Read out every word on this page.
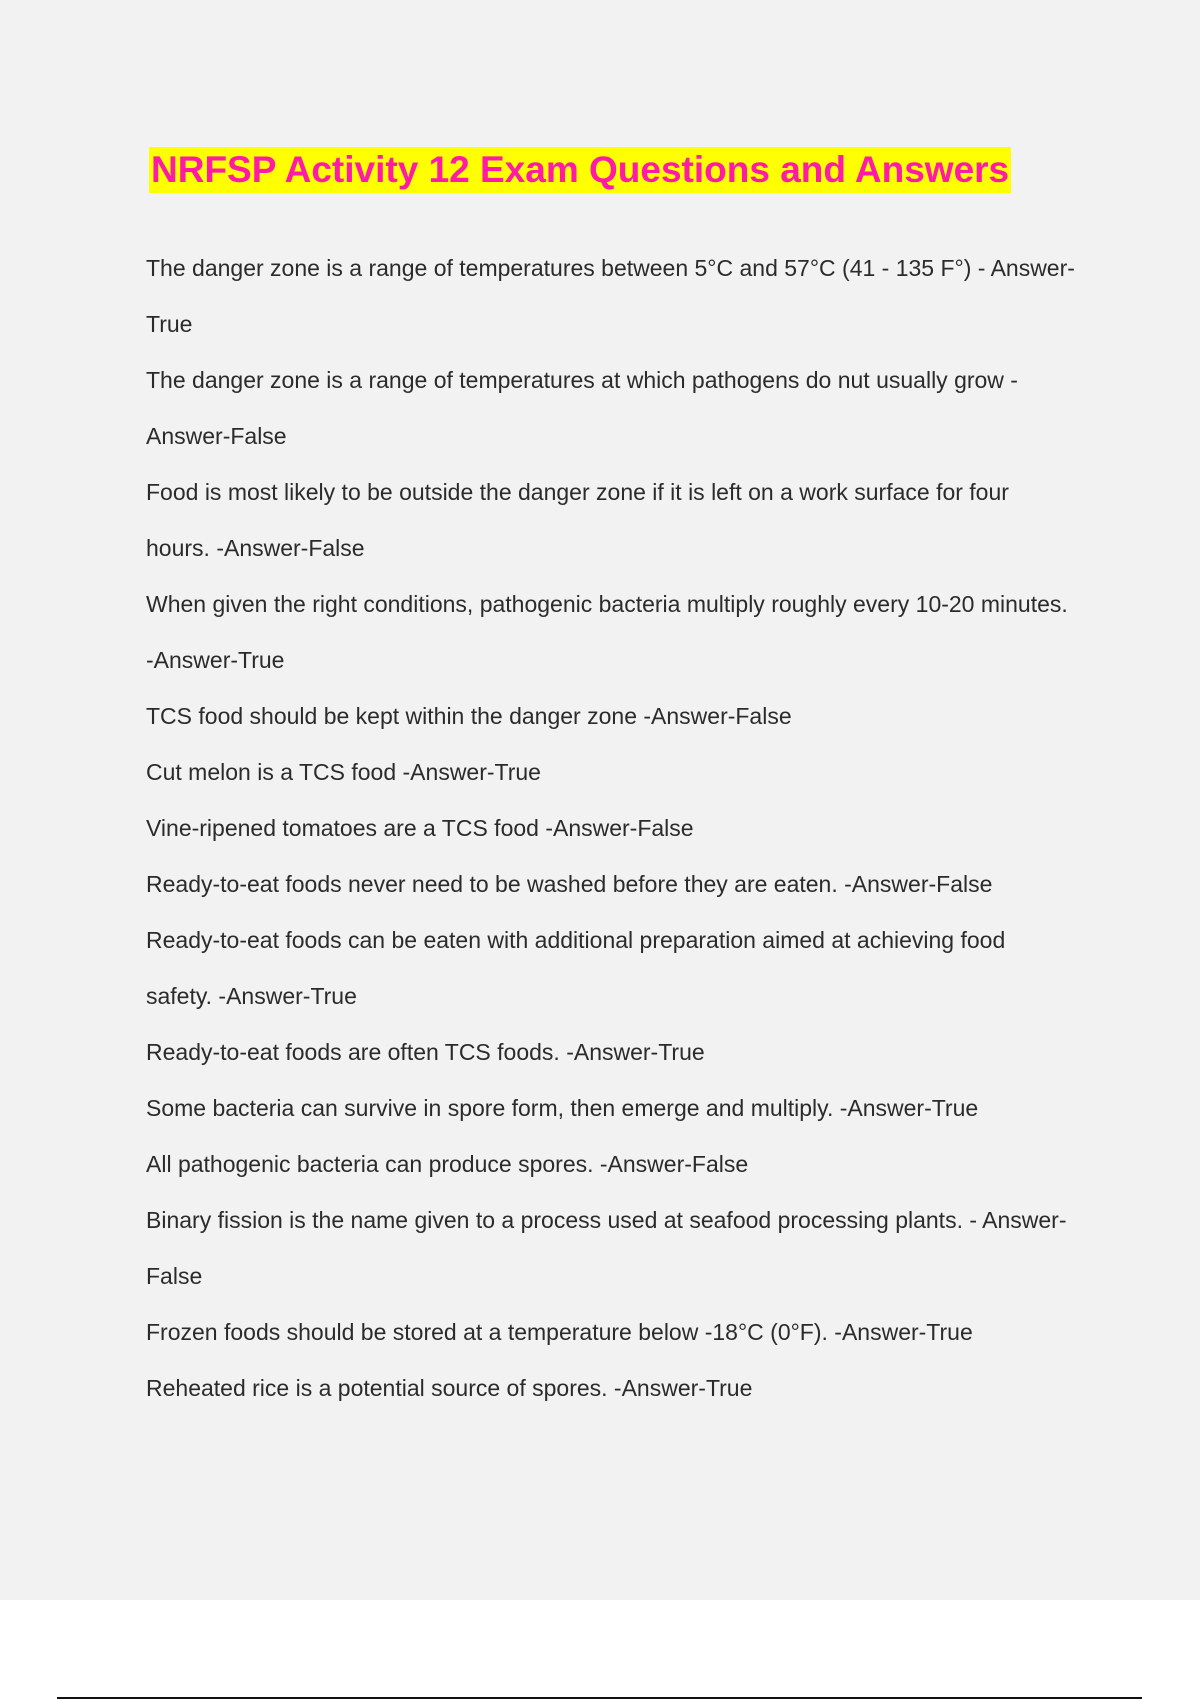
NRFSP Activity 12 Exam Questions and Answers
The danger zone is a range of temperatures between 5°C and 57°C (41 - 135 F°) - Answer-True
The danger zone is a range of temperatures at which pathogens do nut usually grow - Answer-False
Food is most likely to be outside the danger zone if it is left on a work surface for four hours. -Answer-False
When given the right conditions, pathogenic bacteria multiply roughly every 10-20 minutes. -Answer-True
TCS food should be kept within the danger zone -Answer-False
Cut melon is a TCS food -Answer-True
Vine-ripened tomatoes are a TCS food -Answer-False
Ready-to-eat foods never need to be washed before they are eaten. -Answer-False
Ready-to-eat foods can be eaten with additional preparation aimed at achieving food safety. -Answer-True
Ready-to-eat foods are often TCS foods. -Answer-True
Some bacteria can survive in spore form, then emerge and multiply. -Answer-True
All pathogenic bacteria can produce spores. -Answer-False
Binary fission is the name given to a process used at seafood processing plants. - Answer-False
Frozen foods should be stored at a temperature below -18°C (0°F). -Answer-True
Reheated rice is a potential source of spores. -Answer-True
